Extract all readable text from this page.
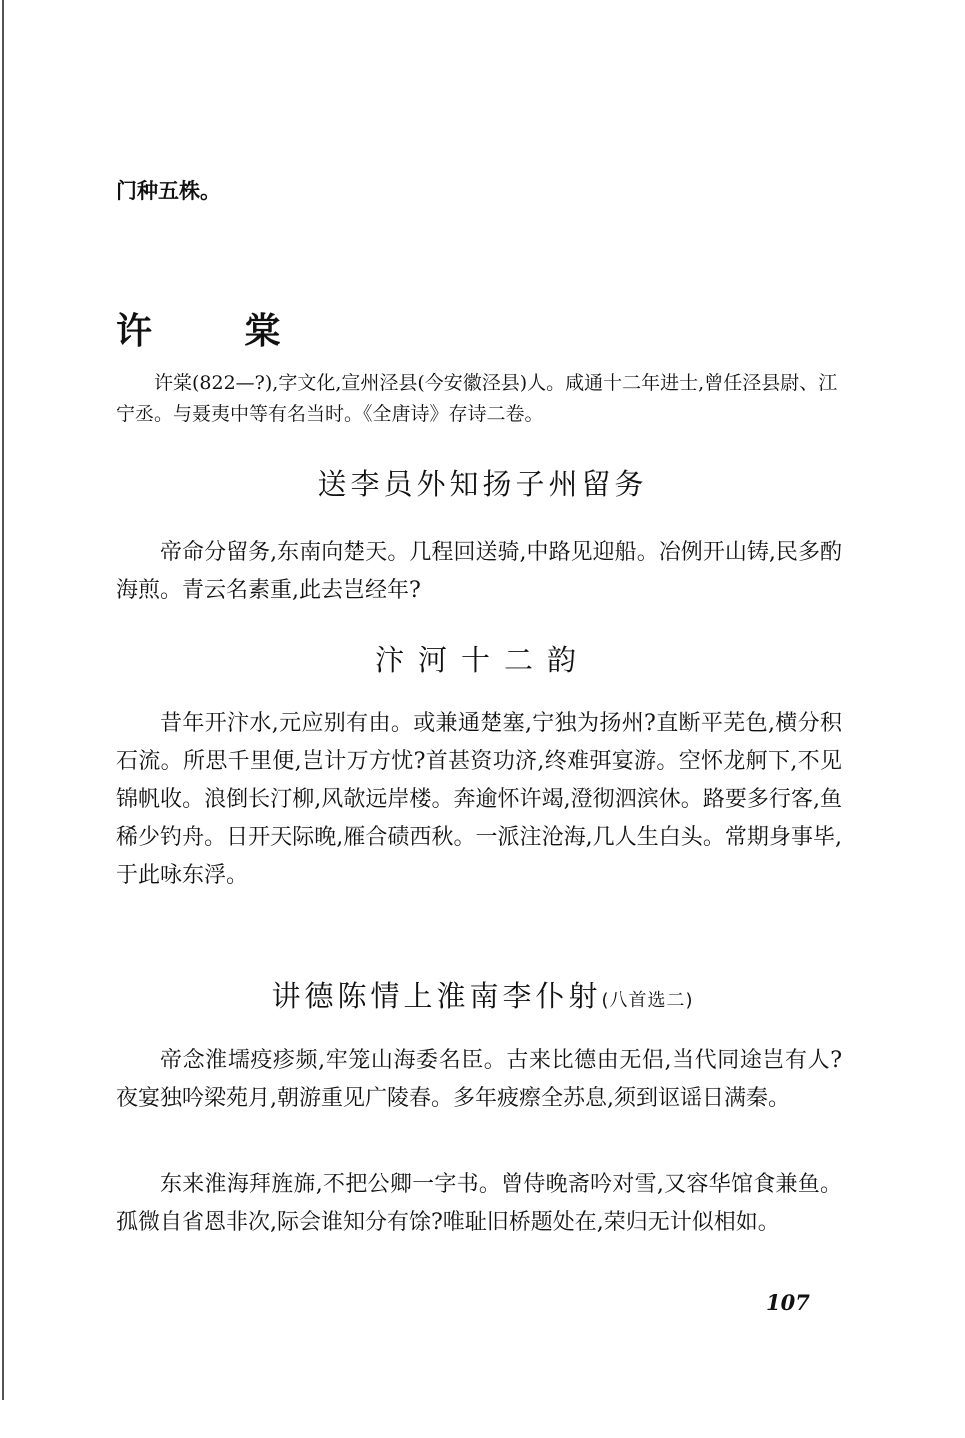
门种五株。
许 棠
许棠(822—?),字文化,宣州泾县(今安徽泾县)人。咸通十二年进士,曾任泾县尉、江宁丞。与聂夷中等有名当时。《全唐诗》存诗二卷。
送李员外知扬子州留务
帝命分留务,东南向楚天。几程回送骑,中路见迎船。冶例开山铸,民多酌海煎。青云名素重,此去岂经年?
汴河十二韵
昔年开汴水,元应别有由。或兼通楚塞,宁独为扬州?直断平芜色,横分积石流。所思千里便,岂计万方忧?首甚资功济,终难弭宴游。空怀龙舸下,不见锦帆收。浪倒长汀柳,风欹远岸楼。奔逾怀许竭,澄彻泗滨休。路要多行客,鱼稀少钓舟。日开天际晚,雁合碛西秋。一派注沧海,几人生白头。常期身事毕,于此咏东浮。
讲德陈情上淮南李仆射(八首选二)
帝念淮壖疫疹频,牢笼山海委名臣。古来比德由无侣,当代同途岂有人?夜宴独吟梁苑月,朝游重见广陵春。多年疲瘵全苏息,须到讴谣日满秦。
东来淮海拜旌旆,不把公卿一字书。曾侍晚斋吟对雪,又容华馆食兼鱼。孤微自省恩非次,际会谁知分有馀?唯耻旧桥题处在,荣归无计似相如。
107
